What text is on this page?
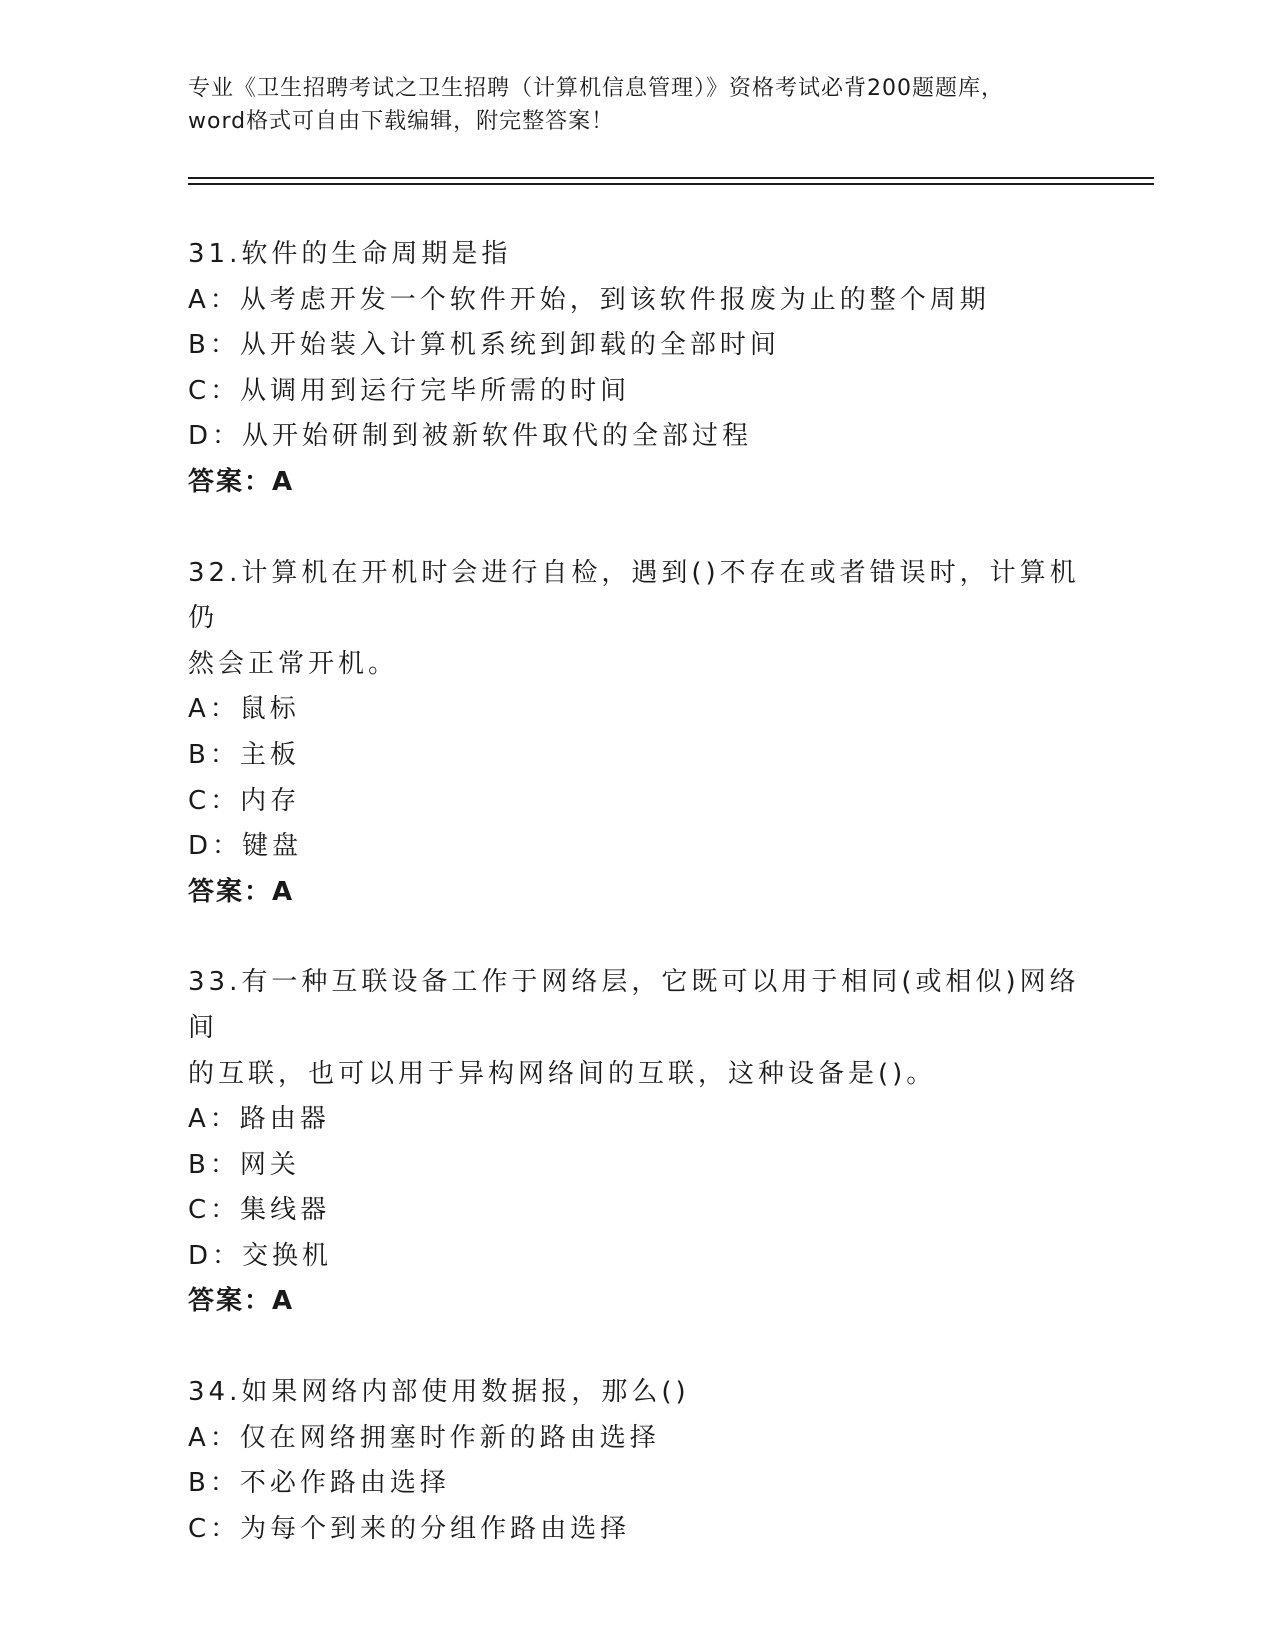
专业《卫生招聘考试之卫生招聘（计算机信息管理）》资格考试必背200题题库，
word格式可自由下载编辑，附完整答案！
31.软件的生命周期是指
A：从考虑开发一个软件开始，到该软件报废为止的整个周期
B：从开始装入计算机系统到卸载的全部时间
C：从调用到运行完毕所需的时间
D：从开始研制到被新软件取代的全部过程
答案：A
32.计算机在开机时会进行自检，遇到()不存在或者错误时，计算机仍
然会正常开机。
A：鼠标
B：主板
C：内存
D：键盘
答案：A
33.有一种互联设备工作于网络层，它既可以用于相同(或相似)网络间
的互联，也可以用于异构网络间的互联，这种设备是()。
A：路由器
B：网关
C：集线器
D：交换机
答案：A
34.如果网络内部使用数据报，那么()
A：仅在网络拥塞时作新的路由选择
B：不必作路由选择
C：为每个到来的分组作路由选择
